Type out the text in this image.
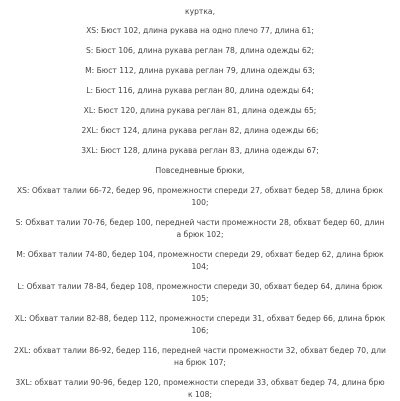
куртка,

XS: Бюст 102, длина рукава на одно плечо 77, длина 61;

S: Бюст 106, длина рукава реглан 78, длина одежды 62;

M: Бюст 112, длина рукава реглан 79, длина одежды 63;

L: Бюст 116, длина рукава реглан 80, длина одежды 64;

XL: Бюст 120, длина рукава реглан 81, длина одежды 65;

2XL: бюст 124, длина рукава реглан 82, длина одежды 66;

3XL: Бюст 128, длина рукава реглан 83, длина одежды 67;

Повседневные брюки,

XS: Обхват талии 66-72, бедер 96, промежности спереди 27, обхват бедер 58, длина брюк 100;

S: Обхват талии 70-76, бедер 100, передней части промежности 28, обхват бедер 60, длина брюк 102;

M: Обхват талии 74-80, бедер 104, промежности спереди 29, обхват бедер 62, длина брюк 104;

L: Обхват талии 78-84, бедер 108, промежности спереди 30, обхват бедер 64, длина брюк 105;

XL: Обхват талии 82-88, бедер 112, промежности спереди 31, обхват бедер 66, длина брюк 106;

2XL: обхват талии 86-92, бедер 116, передней части промежности 32, обхват бедер 70, длина брюк 107;

3XL: обхват талии 90-96, бедер 120, промежности спереди 33, обхват бедер 74, длина брюк 108;
